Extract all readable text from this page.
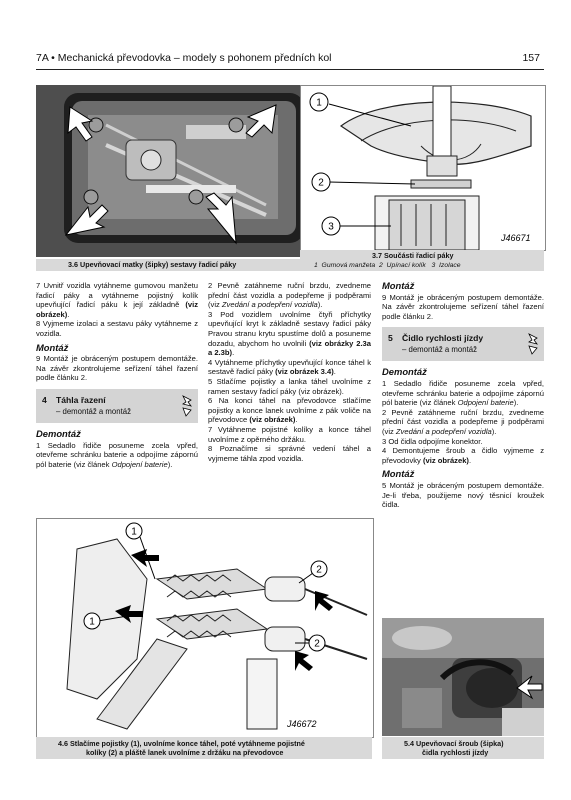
7A • Mechanická převodovka – modely s pohonem předních kol	157
3.6 Upevňovací matky (šipky) sestavy řadicí páky
1
2
3
J46671
3.7 Součásti řadicí páky
1  Gumová manžeta  2  Upínací kolík   3  Izolace

7 Uvnitř vozidla vytáhneme gumovou manžetu řadicí páky a vytáhneme pojistný kolík upevňující řadicí páku k její základně (viz obrázek).

8 Vyjmeme izolaci a sestavu páky vytáhneme z vozidla.

Montáž

9 Montáž je obráceným postupem demontáže. Na závěr zkontrolujeme seřízení táhel řazení podle článku 2.

4 Táhla řazení
– demontáž a montáž
Demontáž

1 Sedadlo řidiče posuneme zcela vpřed, otevřeme schránku baterie a odpojíme zápornú pól baterie (viz článek Odpojení baterie).

2 Pevně zatáhneme ruční brzdu, zvedneme přední část vozidla a podepřeme ji podpěrami (viz Zvedání a podepření vozidla).

3 Pod vozidlem uvolníme čtyři příchytky upevňující kryt k základně sestavy řadicí páky Pravou stranu krytu spustíme dolů a posuneme dozadu, abychom ho uvolnili (viz obrázky 2.3a a 2.3b).

4 Vytáhneme příchytky upevňující konce táhel k sestavě řadicí páky (viz obrázek 3.4).

5 Stlačíme pojistky a lanka táhel uvolníme z ramen sestavy řadicí páky (viz obrázek).

6 Na konci táhel na převodovce stlačíme pojistky a konce lanek uvolníme z pák voliče na převodovce (viz obrázek).

7 Vytáhneme pojistné kolíky a konce táhel uvolníme z opěrného držáku.

8 Poznačíme si správné vedení táhel a vyjmeme táhla zpod vozidla.

Montáž

9 Montáž je obráceným postupem demontáže. Na závěr zkontrolujeme seřízení táhel řazení podle článku 2.

5 Čidlo rychlosti jízdy
– demontáž a montáž
Demontáž

1 Sedadlo řidiče posuneme zcela vpřed, otevřeme schránku baterie a odpojíme zápornú pól baterie (viz článek Odpojení baterie).

2 Pevně zatáhneme ruční brzdu, zvedneme přední část vozidla a podepřeme ji podpěrami (viz Zvedání a podepření vozidla).

3 Od čidla odpojíme konektor.

4 Demontujeme šroub a čidlo vyjmeme z převodovky (viz obrázek).

Montáž

5 Montáž je obráceným postupem demontáže. Je-li třeba, použijeme nový těsnicí kroužek čidla.

1
2
1
2
J46672
4.6 Stlačíme pojistky (1), uvolníme konce táhel, poté vytáhneme pojistné
kolíky (2) a pláště lanek uvolníme z držáku na převodovce
5.4 Upevňovací šroub (šipka)
čidla rychlosti jízdy
